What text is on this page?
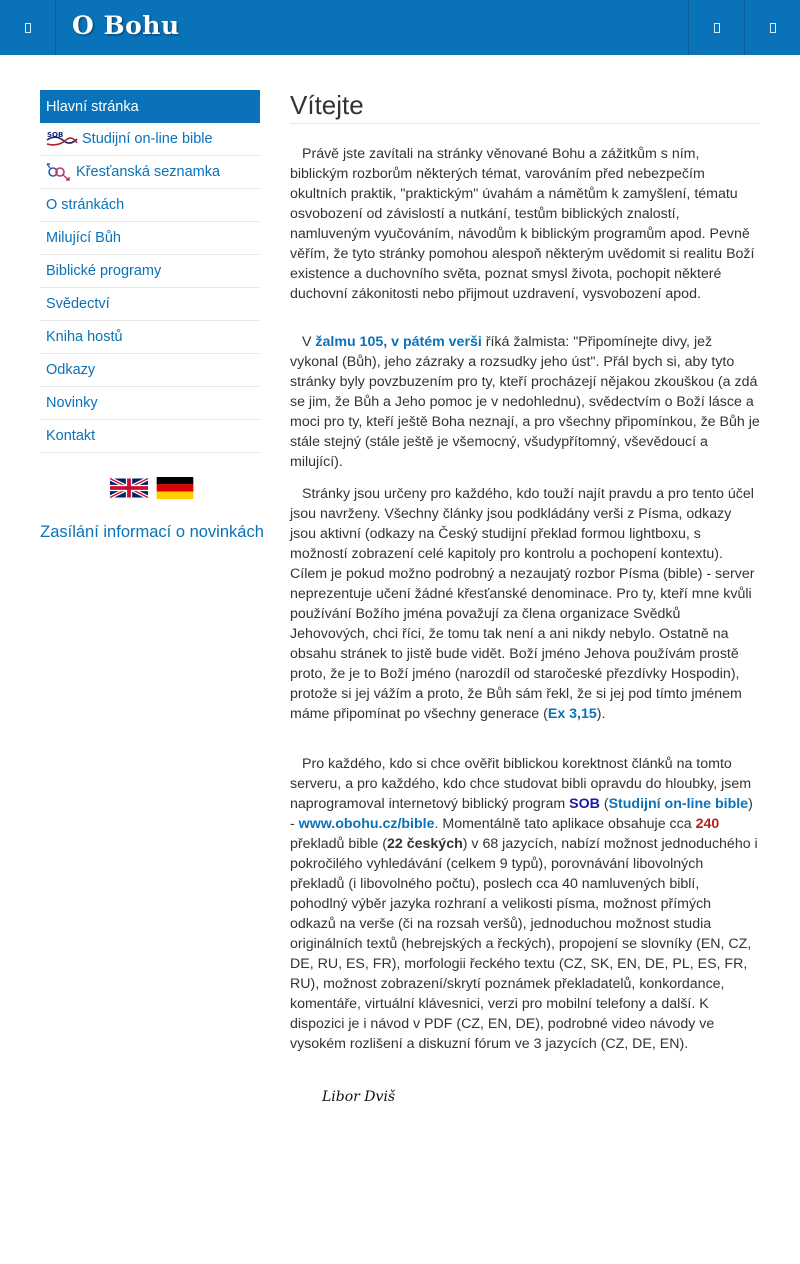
O Bohu
Hlavní stránka
SOB Studijní on-line bible
Křesťanská seznamka
O stránkách
Milující Bůh
Biblické programy
Svědectví
Kniha hostů
Odkazy
Novinky
Kontakt
Zasílání informací o novinkách
Vítejte

Právě jste zavítali na stránky věnované Bohu a zážitkům s ním, biblickým rozborům některých témat, varováním před nebezpečím okultních praktik, "praktickým" úvahám a námětům k zamyšlení, tématu osvobození od závislostí a nutkání, testům biblických znalostí, namluveným vyučováním, návodům k biblickým programům apod. Pevně věřím, že tyto stránky pomohou alespoň některým uvědomit si realitu Boží existence a duchovního světa, poznat smysl života, pochopit některé duchovní zákonitosti nebo přijmout uzdravení, vysvobození apod.

V žalmu 105, v pátém verši říká žalmista: "Připomínejte divy, jež vykonal (Bůh), jeho zázraky a rozsudky jeho úst". Přál bych si, aby tyto stránky byly povzbuzením pro ty, kteří procházejí nějakou zkouškou (a zdá se jim, že Bůh a Jeho pomoc je v nedohlednu), svědectvím o Boží lásce a moci pro ty, kteří ještě Boha neznají, a pro všechny připomínkou, že Bůh je stále stejný (stále ještě je všemocný, všudypřítomný, vševědoucí a milující).

Stránky jsou určeny pro každého, kdo touží najít pravdu a pro tento účel jsou navrženy. Všechny články jsou podkládány verši z Písma, odkazy jsou aktivní (odkazy na Český studijní překlad formou lightboxu, s možností zobrazení celé kapitoly pro kontrolu a pochopení kontextu). Cílem je pokud možno podrobný a nezaujatý rozbor Písma (bible) - server neprezentuje učení žádné křesťanské denominace. Pro ty, kteří mne kvůli používání Božího jména považují za člena organizace Svědků Jehovových, chci říci, že tomu tak není a ani nikdy nebylo. Ostatně na obsahu stránek to jistě bude vidět. Boží jméno Jehova používám prostě proto, že je to Boží jméno (narozdíl od staročeské přezdívky Hospodin), protože si jej vážím a proto, že Bůh sám řekl, že si jej pod tímto jménem máme připomínat po všechny generace (Ex 3,15).

Pro každého, kdo si chce ověřit biblickou korektnost článků na tomto serveru, a pro každého, kdo chce studovat bibli opravdu do hloubky, jsem naprogramoval internetový biblický program SOB (Studijní on-line bible) - www.obohu.cz/bible. Momentálně tato aplikace obsahuje cca 240 překladů bible (22 českých) v 68 jazycích, nabízí možnost jednoduchého i pokročilého vyhledávání (celkem 9 typů), porovnávání libovolných překladů (i libovolného počtu), poslech cca 40 namluvených biblí, pohodlný výběr jazyka rozhraní a velikosti písma, možnost přímých odkazů na verše (či na rozsah veršů), jednoduchou možnost studia originálních textů (hebrejských a řeckých), propojení se slovníky (EN, CZ, DE, RU, ES, FR), morfologii řeckého textu (CZ, SK, EN, DE, PL, ES, FR, RU), možnost zobrazení/skrytí poznámek překladatelů, konkordance, komentáře, virtuální klávesnici, verzi pro mobilní telefony a další. K dispozici je i návod v PDF (CZ, EN, DE), podrobné video návody ve vysokém rozlišení a diskuzní fórum ve 3 jazycích (CZ, DE, EN).

Libor Dviš
